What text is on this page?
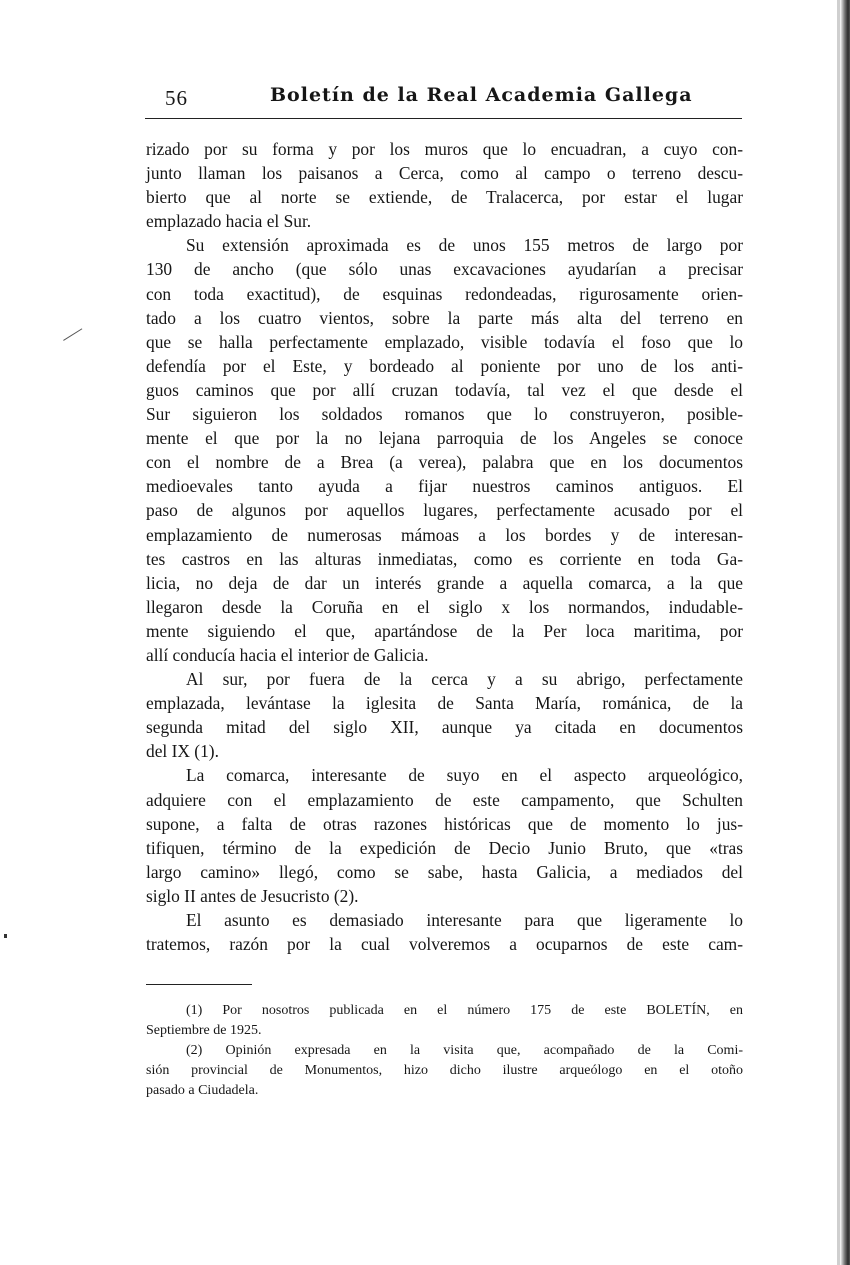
56	Boletín de la Real Academia Gallega
rizado por su forma y por los muros que lo encuadran, a cuyo con-
junto llaman los paisanos a Cerca, como al campo o terreno descu-
bierto que al norte se extiende, de Tralacerca, por estar el lugar
emplazado hacia el Sur.
Su extensión aproximada es de unos 155 metros de largo por
130 de ancho (que sólo unas excavaciones ayudarían a precisar
con toda exactitud), de esquinas redondeadas, rigurosamente orien-
tado a los cuatro vientos, sobre la parte más alta del terreno en
que se halla perfectamente emplazado, visible todavía el foso que lo
defendía por el Este, y bordeado al poniente por uno de los anti-
guos caminos que por allí cruzan todavía, tal vez el que desde el
Sur siguieron los soldados romanos que lo construyeron, posible-
mente el que por la no lejana parroquia de los Angeles se conoce
con el nombre de a Brea (a verea), palabra que en los documentos
medioevales tanto ayuda a fijar nuestros caminos antiguos. El
paso de algunos por aquellos lugares, perfectamente acusado por el
emplazamiento de numerosas mámoas a los bordes y de interesan-
tes castros en las alturas inmediatas, como es corriente en toda Ga-
licia, no deja de dar un interés grande a aquella comarca, a la que
llegaron desde la Coruña en el siglo x los normandos, indudable-
mente siguiendo el que, apartándose de la Per loca maritima, por
allí conducía hacia el interior de Galicia.
Al sur, por fuera de la cerca y a su abrigo, perfectamente
emplazada, levántase la iglesita de Santa María, románica, de la
segunda mitad del siglo XII, aunque ya citada en documentos
del IX (1).
La comarca, interesante de suyo en el aspecto arqueológico,
adquiere con el emplazamiento de este campamento, que Schulten
supone, a falta de otras razones históricas que de momento lo jus-
tifiquen, término de la expedición de Decio Junio Bruto, que «tras
largo camino» llegó, como se sabe, hasta Galicia, a mediados del
siglo II antes de Jesucristo (2).
El asunto es demasiado interesante para que ligeramente lo
tratemos, razón por la cual volveremos a ocuparnos de este cam-
(1) Por nosotros publicada en el número 175 de este BOLETÍN, en
Septiembre de 1925.
(2) Opinión expresada en la visita que, acompañado de la Comi-
sión provincial de Monumentos, hizo dicho ilustre arqueólogo en el otoño
pasado a Ciudadela.
